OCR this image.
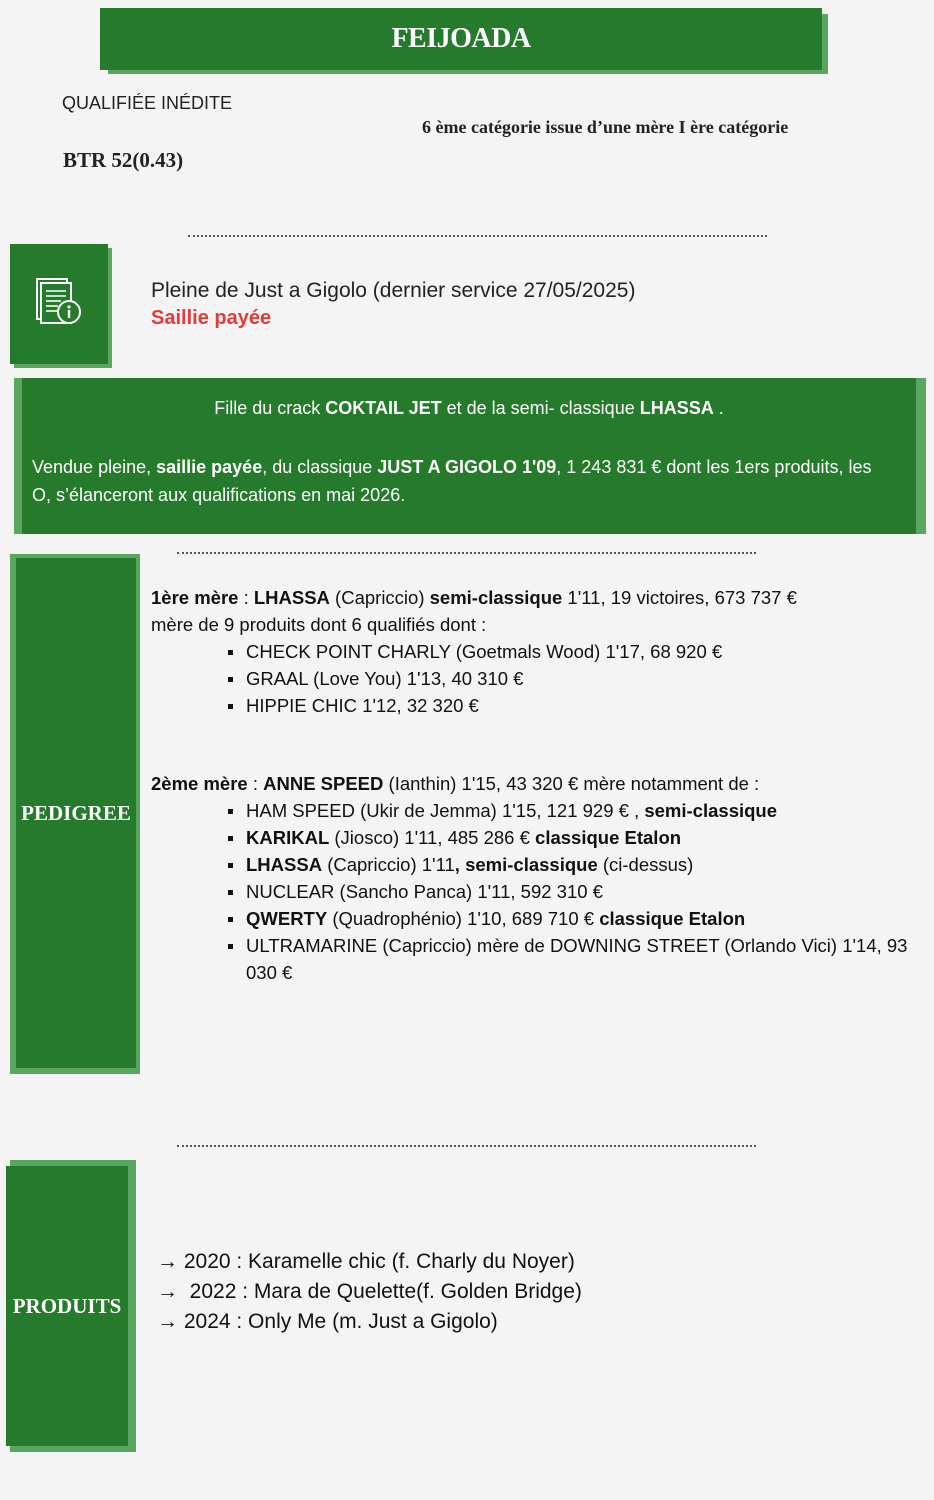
FEIJOADA
QUALIFIÉE INÉDITE
6 ème catégorie issue d’une mère I ère catégorie
BTR 52(0.43)
Pleine de Just a Gigolo (dernier service 27/05/2025)
Saillie payée
Fille du crack COKTAIL JET et de la semi- classique LHASSA .
Vendue pleine, saillie payée, du classique JUST A GIGOLO 1'09, 1 243 831 € dont les 1ers produits, les O, s’élanceront aux qualifications en mai 2026.
PEDIGREE

1ère mère : LHASSA (Capriccio) semi-classique 1'11, 19 victoires, 673 737 €

mère de 9 produits dont 6 qualifiés dont :

CHECK POINT CHARLY (Goetmals Wood) 1'17, 68 920 €
GRAAL (Love You) 1'13, 40 310 €
HIPPIE CHIC 1'12, 32 320 €

2ème mère : ANNE SPEED (Ianthin) 1'15, 43 320 € mère notamment de :

HAM SPEED (Ukir de Jemma) 1'15, 121 929 € , semi-classique
KARIKAL (Jiosco) 1'11, 485 286 € classique Etalon
LHASSA (Capriccio) 1'11, semi-classique (ci-dessus)
NUCLEAR (Sancho Panca) 1'11, 592 310 €
QWERTY (Quadrophénio) 1'10, 689 710 € classique Etalon
ULTRAMARINE (Capriccio) mère de DOWNING STREET (Orlando Vici) 1'14, 93 030 €
PRODUITS
→ 2020 : Karamelle chic (f. Charly du Noyer)
→  2022 : Mara de Quelette(f. Golden Bridge)
→ 2024 : Only Me (m. Just a Gigolo)
